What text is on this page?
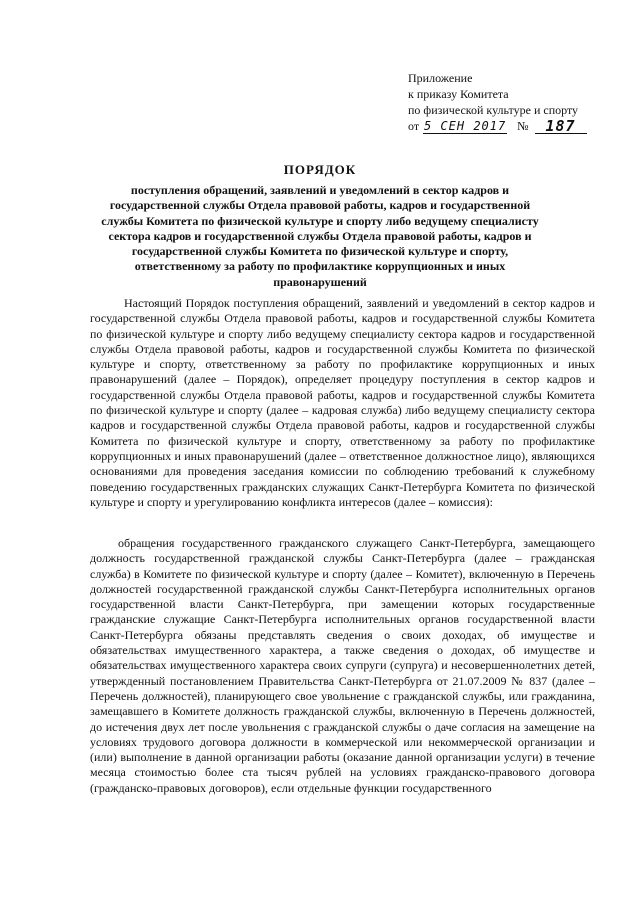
Приложение
к приказу Комитета
по физической культуре и спорту
от 5 СЕН 2017 №	187
ПОРЯДОК
поступления обращений, заявлений и уведомлений в сектор кадров и государственной службы Отдела правовой работы, кадров и государственной службы Комитета по физической культуре и спорту либо ведущему специалисту сектора кадров и государственной службы Отдела правовой работы, кадров и государственной службы Комитета по физической культуре и спорту, ответственному за работу по профилактике коррупционных и иных правонарушений
Настоящий Порядок поступления обращений, заявлений и уведомлений в сектор кадров и государственной службы Отдела правовой работы, кадров и государственной службы Комитета по физической культуре и спорту либо ведущему специалисту сектора кадров и государственной службы Отдела правовой работы, кадров и государственной службы Комитета по физической культуре и спорту, ответственному за работу по профилактике коррупционных и иных правонарушений (далее – Порядок), определяет процедуру поступления в сектор кадров и государственной службы Отдела правовой работы, кадров и государственной службы Комитета по физической культуре и спорту (далее – кадровая служба) либо ведущему специалисту сектора кадров и государственной службы Отдела правовой работы, кадров и государственной службы Комитета по физической культуре и спорту, ответственному за работу по профилактике коррупционных и иных правонарушений (далее – ответственное должностное лицо), являющихся основаниями для проведения заседания комиссии по соблюдению требований к служебному поведению государственных гражданских служащих Санкт-Петербурга Комитета по физической культуре и спорту и урегулированию конфликта интересов (далее – комиссия):
обращения государственного гражданского служащего Санкт-Петербурга, замещающего должность государственной гражданской службы Санкт-Петербурга (далее – гражданская служба) в Комитете по физической культуре и спорту (далее – Комитет), включенную в Перечень должностей государственной гражданской службы Санкт-Петербурга исполнительных органов государственной власти Санкт-Петербурга, при замещении которых государственные гражданские служащие Санкт-Петербурга исполнительных органов государственной власти Санкт-Петербурга обязаны представлять сведения о своих доходах, об имуществе и обязательствах имущественного характера, а также сведения о доходах, об имуществе и обязательствах имущественного характера своих супруги (супруга) и несовершеннолетних детей, утвержденный постановлением Правительства Санкт-Петербурга от 21.07.2009 № 837 (далее – Перечень должностей), планирующего свое увольнение с гражданской службы, или гражданина, замещавшего в Комитете должность гражданской службы, включенную в Перечень должностей, до истечения двух лет после увольнения с гражданской службы о даче согласия на замещение на условиях трудового договора должности в коммерческой или некоммерческой организации и (или) выполнение в данной организации работы (оказание данной организации услуги) в течение месяца стоимостью более ста тысяч рублей на условиях гражданско-правового договора (гражданско-правовых договоров), если отдельные функции государственного
